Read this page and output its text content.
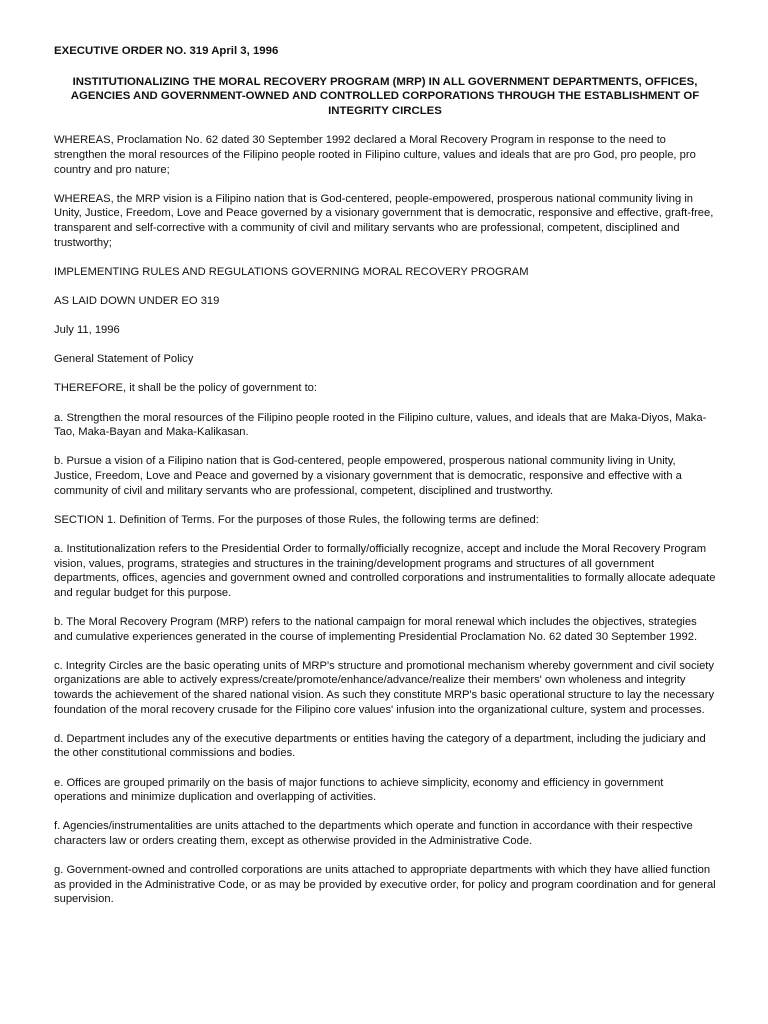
EXECUTIVE ORDER NO. 319 April 3, 1996
INSTITUTIONALIZING THE MORAL RECOVERY PROGRAM (MRP) IN ALL GOVERNMENT DEPARTMENTS, OFFICES, AGENCIES AND GOVERNMENT-OWNED AND CONTROLLED CORPORATIONS THROUGH THE ESTABLISHMENT OF INTEGRITY CIRCLES

WHEREAS, Proclamation No. 62 dated 30 September 1992 declared a Moral Recovery Program in response to the need to strengthen the moral resources of the Filipino people rooted in Filipino culture, values and ideals that are pro God, pro people, pro country and pro nature;

WHEREAS, the MRP vision is a Filipino nation that is God-centered, people-empowered, prosperous national community living in Unity, Justice, Freedom, Love and Peace governed by a visionary government that is democratic, responsive and effective, graft-free, transparent and self-corrective with a community of civil and military servants who are professional, competent, disciplined and trustworthy;

IMPLEMENTING RULES AND REGULATIONS GOVERNING MORAL RECOVERY PROGRAM

AS LAID DOWN UNDER EO 319

July 11, 1996

General Statement of Policy

THEREFORE, it shall be the policy of government to:

a. Strengthen the moral resources of the Filipino people rooted in the Filipino culture, values, and ideals that are Maka-Diyos, Maka-Tao, Maka-Bayan and Maka-Kalikasan.

b. Pursue a vision of a Filipino nation that is God-centered, people empowered, prosperous national community living in Unity, Justice, Freedom, Love and Peace and governed by a visionary government that is democratic, responsive and effective with a community of civil and military servants who are professional, competent, disciplined and trustworthy.

SECTION 1. Definition of Terms. For the purposes of those Rules, the following terms are defined:

a. Institutionalization refers to the Presidential Order to formally/officially recognize, accept and include the Moral Recovery Program vision, values, programs, strategies and structures in the training/development programs and structures of all government departments, offices, agencies and government owned and controlled corporations and instrumentalities to formally allocate adequate and regular budget for this purpose.

b. The Moral Recovery Program (MRP) refers to the national campaign for moral renewal which includes the objectives, strategies and cumulative experiences generated in the course of implementing Presidential Proclamation No. 62 dated 30 September 1992.

c. Integrity Circles are the basic operating units of MRP's structure and promotional mechanism whereby government and civil society organizations are able to actively express/create/promote/enhance/advance/realize their members' own wholeness and integrity towards the achievement of the shared national vision. As such they constitute MRP's basic operational structure to lay the necessary foundation of the moral recovery crusade for the Filipino core values' infusion into the organizational culture, system and processes.

d. Department includes any of the executive departments or entities having the category of a department, including the judiciary and the other constitutional commissions and bodies.

e. Offices are grouped primarily on the basis of major functions to achieve simplicity, economy and efficiency in government operations and minimize duplication and overlapping of activities.

f. Agencies/instrumentalities are units attached to the departments which operate and function in accordance with their respective characters law or orders creating them, except as otherwise provided in the Administrative Code.

g. Government-owned and controlled corporations are units attached to appropriate departments with which they have allied function as provided in the Administrative Code, or as may be provided by executive order, for policy and program coordination and for general supervision.
